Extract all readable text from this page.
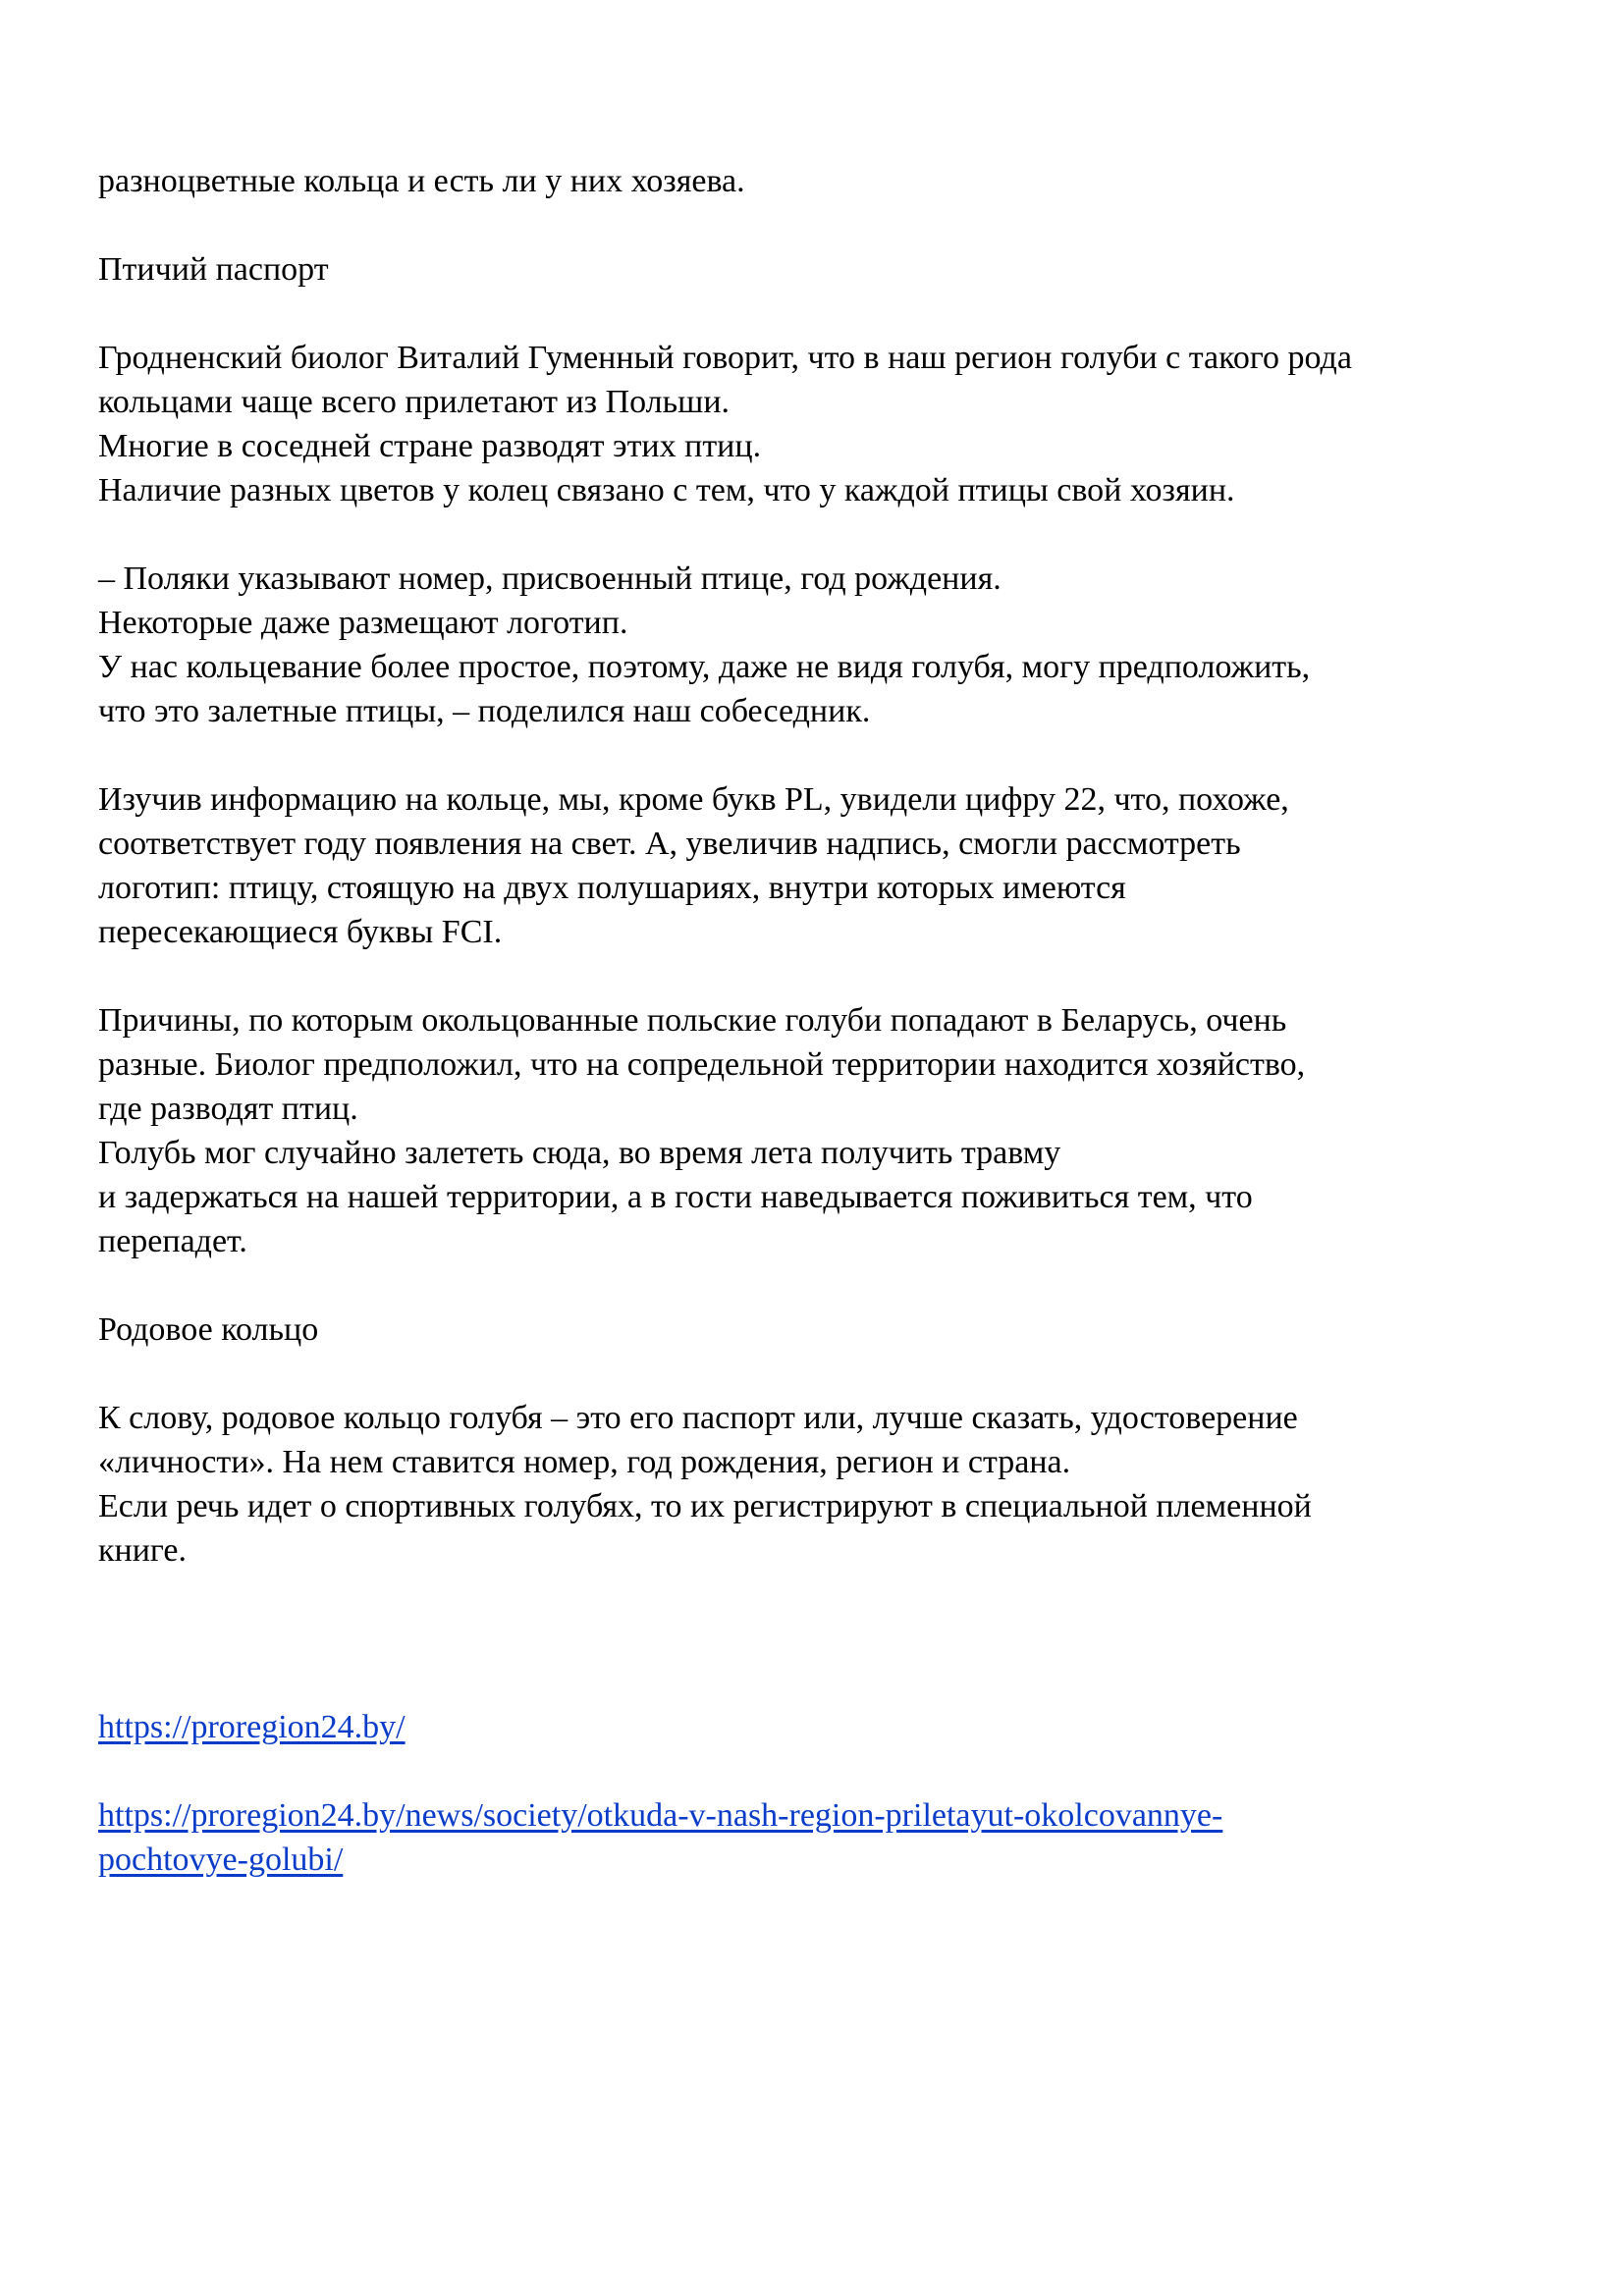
разноцветные кольца и есть ли у них хозяева.

Птичий паспорт

Гродненский биолог Виталий Гуменный говорит, что в наш регион голуби с такого рода

кольцами чаще всего прилетают из Польши.

Многие в соседней стране разводят этих птиц.

Наличие разных цветов у колец связано с тем, что у каждой птицы свой хозяин.

– Поляки указывают номер, присвоенный птице, год рождения.

Некоторые даже размещают логотип.

У нас кольцевание более простое, поэтому, даже не видя голубя, могу предположить,

что это залетные птицы, – поделился наш собеседник.

Изучив информацию на кольце, мы, кроме букв PL, увидели цифру 22, что, похоже,

соответствует году появления на свет. А, увеличив надпись, смогли рассмотреть

логотип: птицу, стоящую на двух полушариях, внутри которых имеются

пересекающиеся буквы FCI.

Причины, по которым окольцованные польские голуби попадают в Беларусь, очень

разные. Биолог предположил, что на сопредельной территории находится хозяйство,

где разводят птиц.

Голубь мог случайно залететь сюда, во время лета получить травму

и задержаться на нашей территории, а в гости наведывается поживиться тем, что

перепадет.

Родовое кольцо

К слову, родовое кольцо голубя – это его паспорт или, лучше сказать, удостоверение

«личности». На нем ставится номер, год рождения, регион и страна.

Если речь идет о спортивных голубях, то их регистрируют в специальной племенной

книге.

https://proregion24.by/

https://proregion24.by/news/society/otkuda-v-nash-region-priletayut-okolcovannye-

pochtovye-golubi/
